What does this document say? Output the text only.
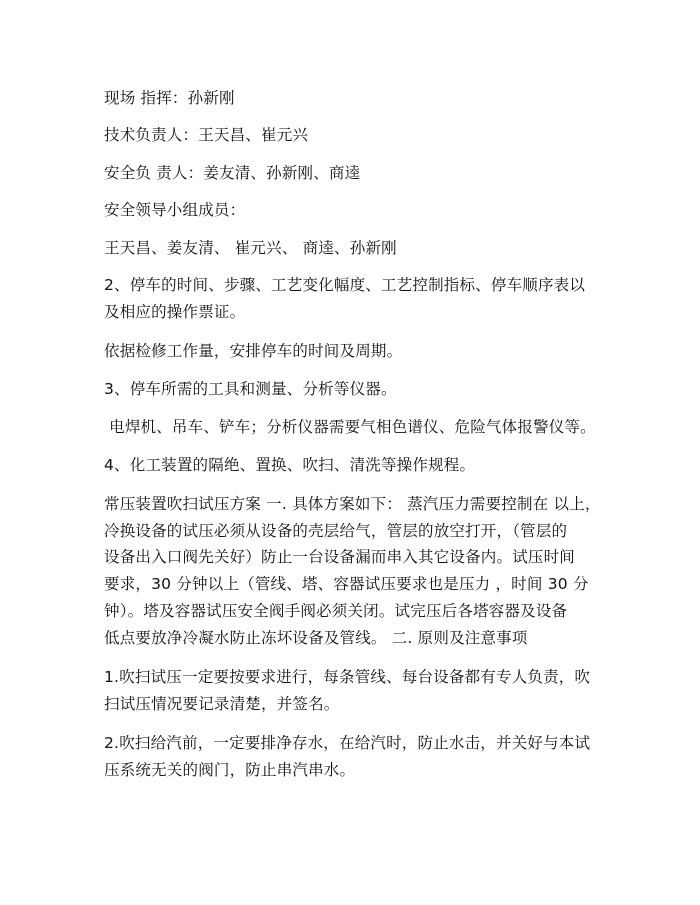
现场 指挥：孙新刚
技术负责人：王天昌、崔元兴
安全负 责人：姜友清、孙新刚、商逵
安全领导小组成员：
王天昌、姜友清、 崔元兴、 商逵、孙新刚
2、停车的时间、步骤、工艺变化幅度、工艺控制指标、停车顺序表以
及相应的操作票证。
依据检修工作量，安排停车的时间及周期。
3、停车所需的工具和测量、分析等仪器。
电焊机、吊车、铲车；分析仪器需要气相色谱仪、危险气体报警仪等。
4、化工装置的隔绝、置换、吹扫、清洗等操作规程。
常压装置吹扫试压方案 一. 具体方案如下： 蒸汽压力需要控制在 以上，
冷换设备的试压必须从设备的壳层给气，管层的放空打开，（管层的
设备出入口阀先关好）防止一台设备漏而串入其它设备内。试压时间
要求，30 分钟以上（管线、塔、容器试压要求也是压力 ，时间 30 分
钟）。塔及容器试压安全阀手阀必须关闭。试完压后各塔容器及设备
低点要放净冷凝水防止冻坏设备及管线。 二. 原则及注意事项
1.吹扫试压一定要按要求进行，每条管线、每台设备都有专人负责，吹
扫试压情况要记录清楚，并签名。
2.吹扫给汽前，一定要排净存水，在给汽时，防止水击，并关好与本试
压系统无关的阀门，防止串汽串水。
